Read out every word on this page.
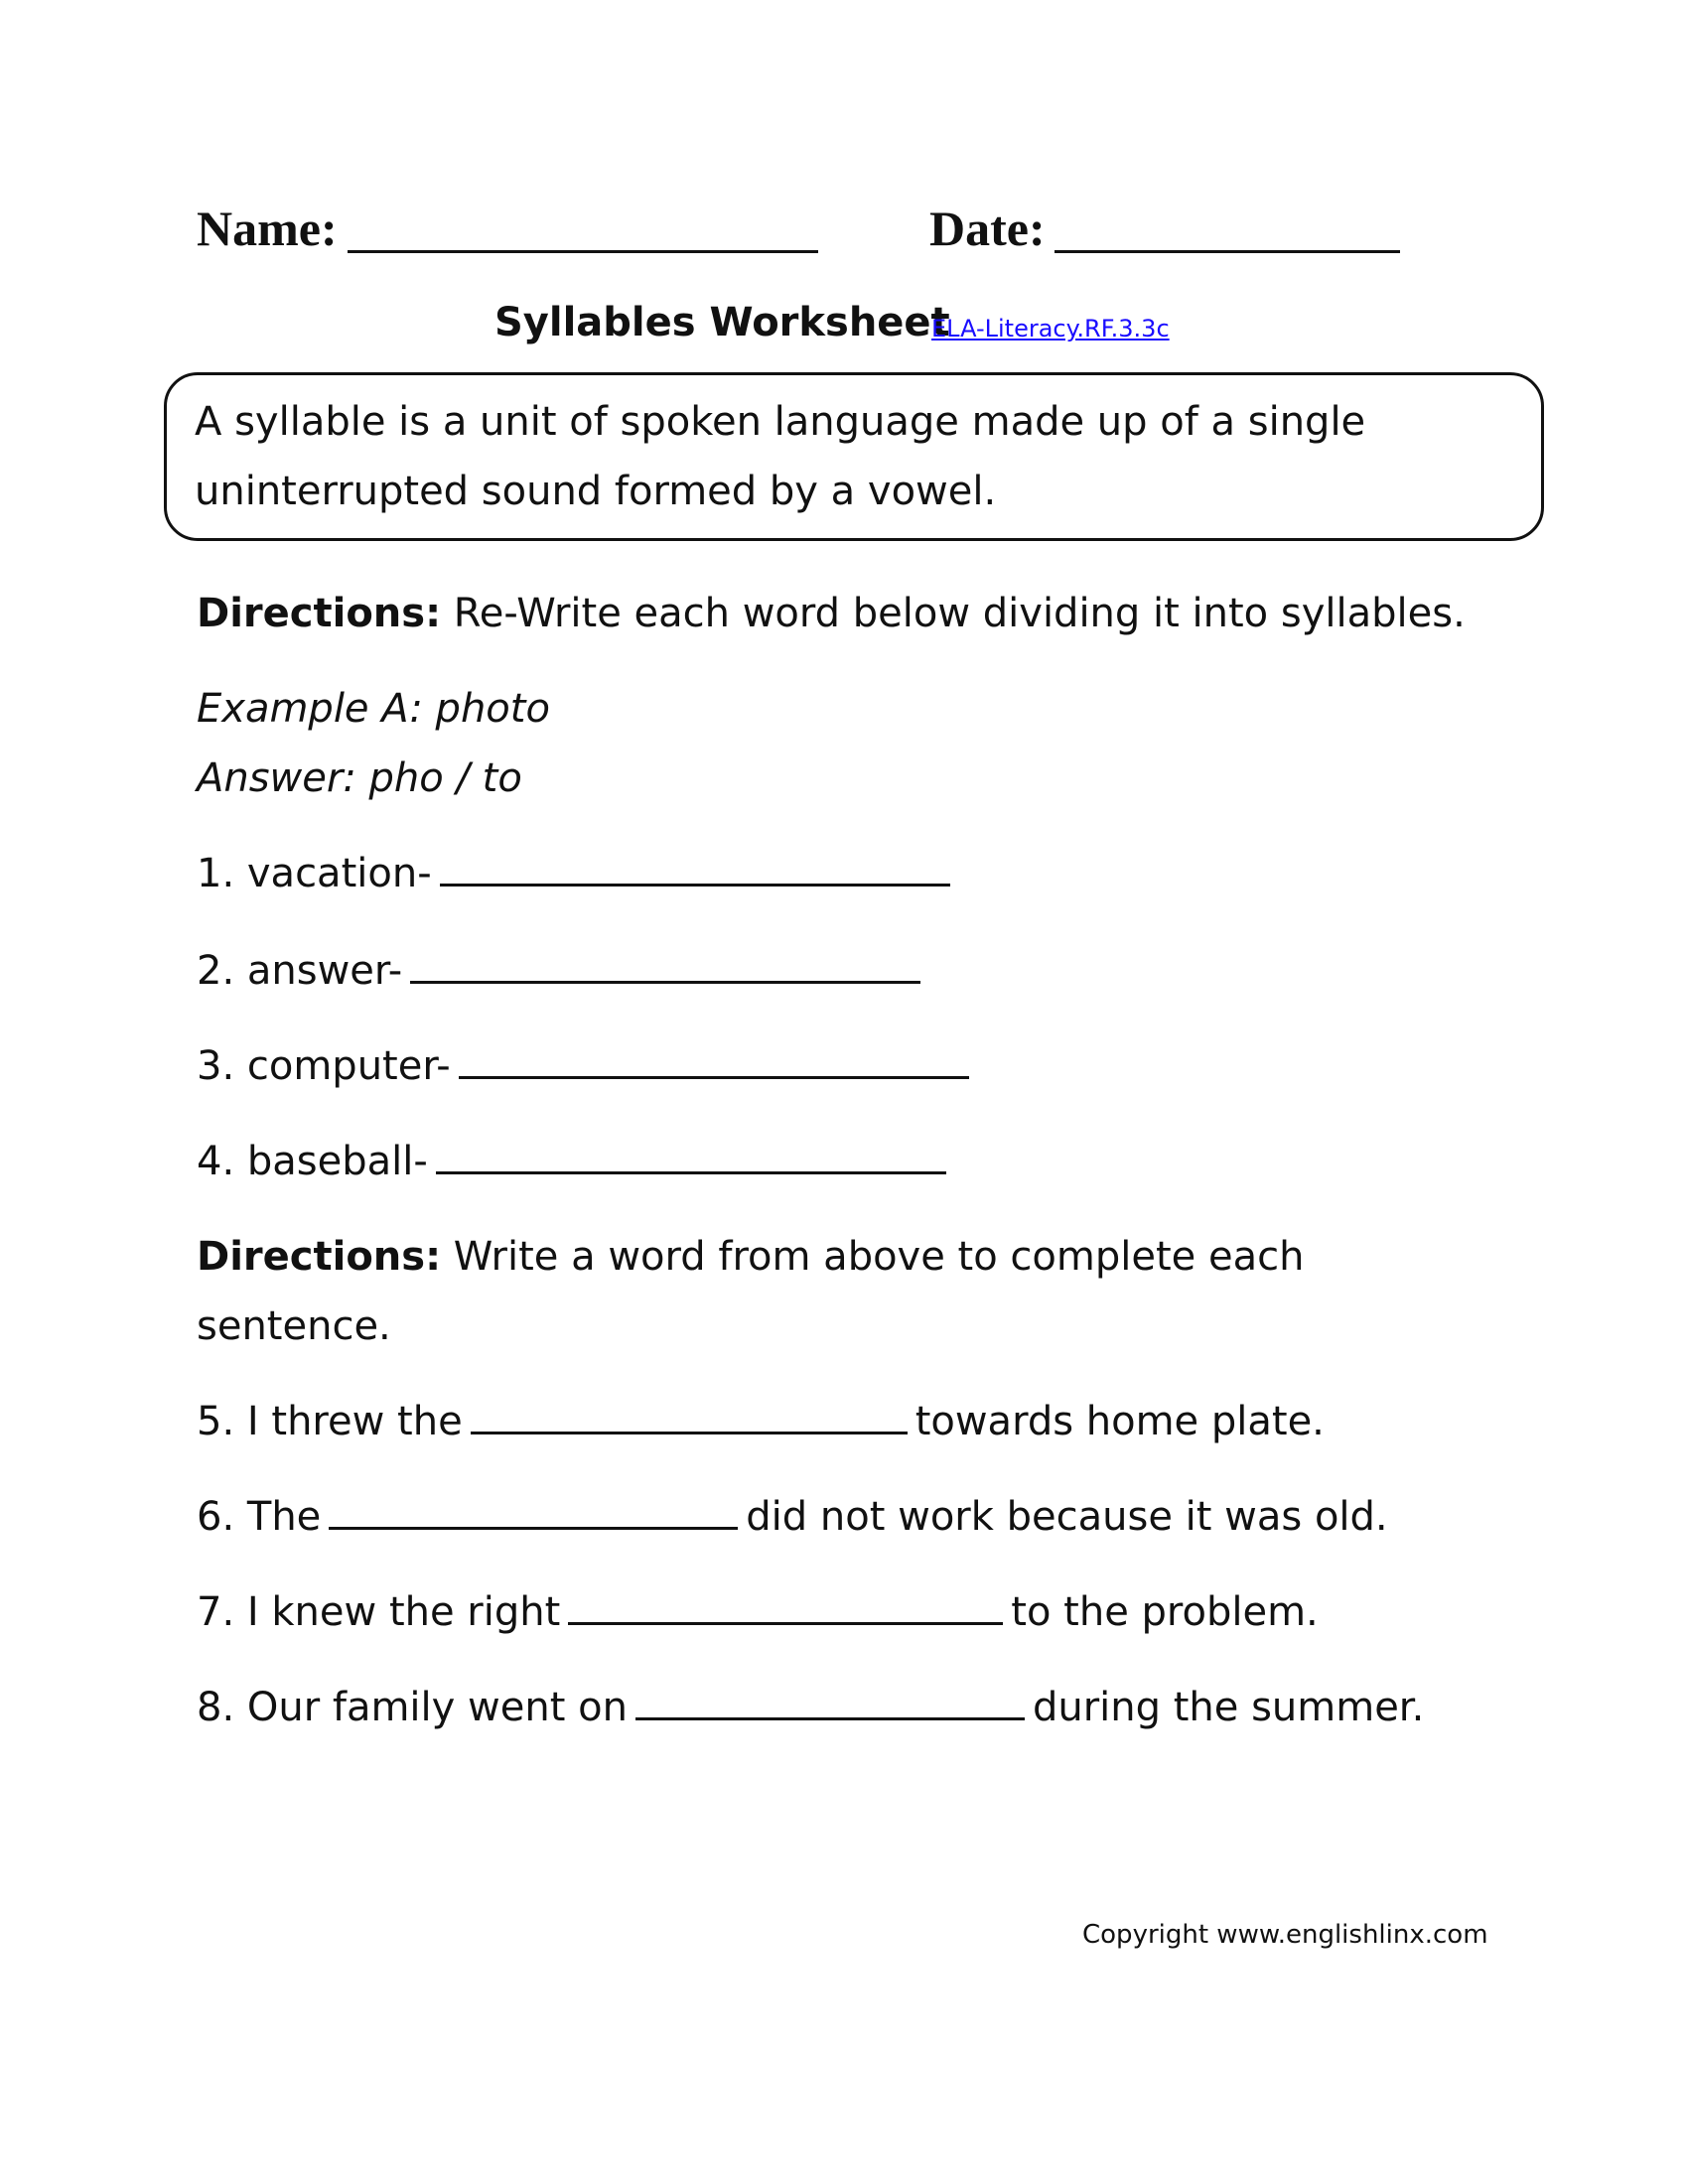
Name:	Date:
Syllables Worksheet
ELA-Literacy.RF.3.3c
A syllable is a unit of spoken language made up of a single
uninterrupted sound formed by a vowel.
Directions: Re-Write each word below dividing it into syllables.
Example A: photo
Answer: pho / to
1. vacation-
2. answer-
3. computer-
4. baseball-
Directions: Write a word from above to complete each
sentence.
5. I threw the	towards home plate.
6. The	did not work because it was old.
7. I knew the right	to the problem.
8. Our family went on	during the summer.
Copyright www.englishlinx.com
